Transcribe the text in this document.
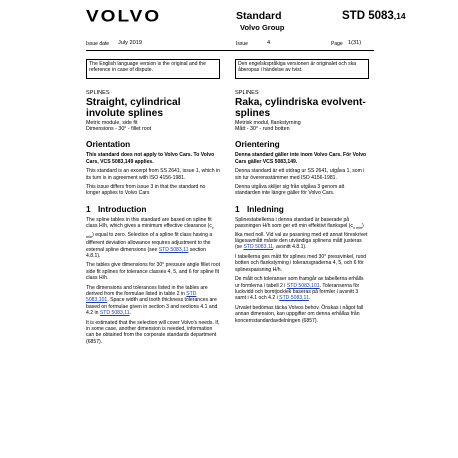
VOLVO	Standard
Volvo Group
STD 5083,14
Issue date July 2019	Issue	4	Page 1(31)
The English language version is the original and the reference in case of dispute.
Den engelskspråkiga versionen är originalet och ska åberopas i händelse av tvist.
SPLINES
Straight, cylindrical involute splines
Metric module, side fit
Dimensions - 30° - fillet root
Orientation

This standard does not apply to Volvo Cars. To Volvo Cars, VCS 5083,149 applies.

This standard is an excerpt from SS 2641, issue 1, which in its turn is in agreement with ISO 4156-1981.

This issue differs from issue 3 in that the standard no longer applies to Volvo Cars

1 Introduction

The spline tables in this standard are based on spline fit class H/h, which gives a minimum effective clearance $(c_{v min})$ equal to zero. Selection of a spline fit class having a different deviation allowance requires adjustment to the external spline dimensions (see STD 5083,11 section 4.8.1).

The tables give dimensions for 30° pressure angle fillet root side fit splines for tolerance classes 4, 5, and 6 for spline fit class H/h.

The dimensions and tolerances listed in the tables are derived from the formulae listed in table 2 in STD 5083,101. Space width and tooth thickness tolerances are based on formulae given in section 3 and sections 4.1 and 4.2 in STD 5083,11.

It is estimated that the selection will cover Volvo's needs. If, in some case, another dimension is needed, information can be obtained from the corporate standards department (6857).

SPLINES
Raka, cylindriska evolvent-splines
Metrisk modul, flankstyrning
Mått - 30° - rund botten
Orientering

Denna standard gäller inte inom Volvo Cars. För Volvo Cars gäller VCS 5083,149.

Denna standard är ett utdrag ur SS 2641, utgåva 1, som i sin tur överensstämmer med ISO 4156-1981.

Denna utgåva skiljer sig från utgåva 3 genom att standarden inte längre gäller för Volvo Cars.

1 Inledning

Splinestabellerna i denna standard är baserade på passningen H/h som ger ett min effektivt flankspel $(c_{v min})$ lika med noll. Vid val av passning med ett annat föreskrivet lägesavmått måste den utvändiga splinens mått justeras (se STD 5083,11, avsnitt 4.8.1).

I tabellerna ges mått för splines med 30° pressvinkel, rund botten och flankstyrning i toleransgraderna 4, 5, och 6 för splinespassning H/h.

De mått och toleranser som framgår av tabellerna erhålls ur formlerna i tabell 2 i STD 5083,101. Toleranserna för luckvidd och bomtjocklek baseras på formler i avsnitt 3 samt i 4.1 och 4.2 i STD 5083,11.

Urvalet bedömas täcka Volvos behov. Önskas i något fall annan dimension, kan uppgifter om denna erhållas från koncernstandardavdelningen (6857).
